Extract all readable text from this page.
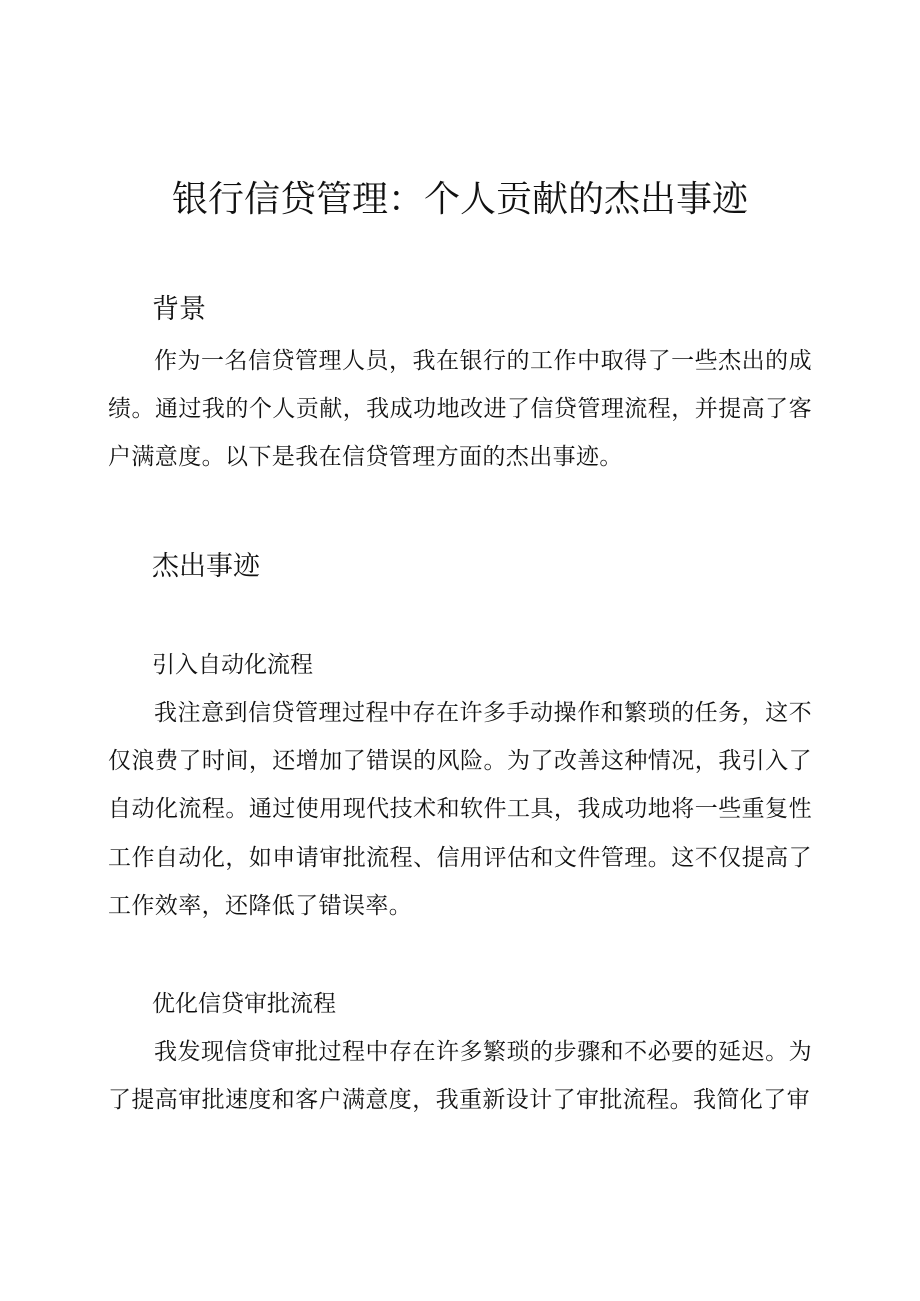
银行信贷管理：个人贡献的杰出事迹
背景

作为一名信贷管理人员，我在银行的工作中取得了一些杰出的成绩。通过我的个人贡献，我成功地改进了信贷管理流程，并提高了客户满意度。以下是我在信贷管理方面的杰出事迹。

杰出事迹
引入自动化流程

我注意到信贷管理过程中存在许多手动操作和繁琐的任务，这不仅浪费了时间，还增加了错误的风险。为了改善这种情况，我引入了自动化流程。通过使用现代技术和软件工具，我成功地将一些重复性工作自动化，如申请审批流程、信用评估和文件管理。这不仅提高了工作效率，还降低了错误率。

优化信贷审批流程

我发现信贷审批过程中存在许多繁琐的步骤和不必要的延迟。为了提高审批速度和客户满意度，我重新设计了审批流程。我简化了审
